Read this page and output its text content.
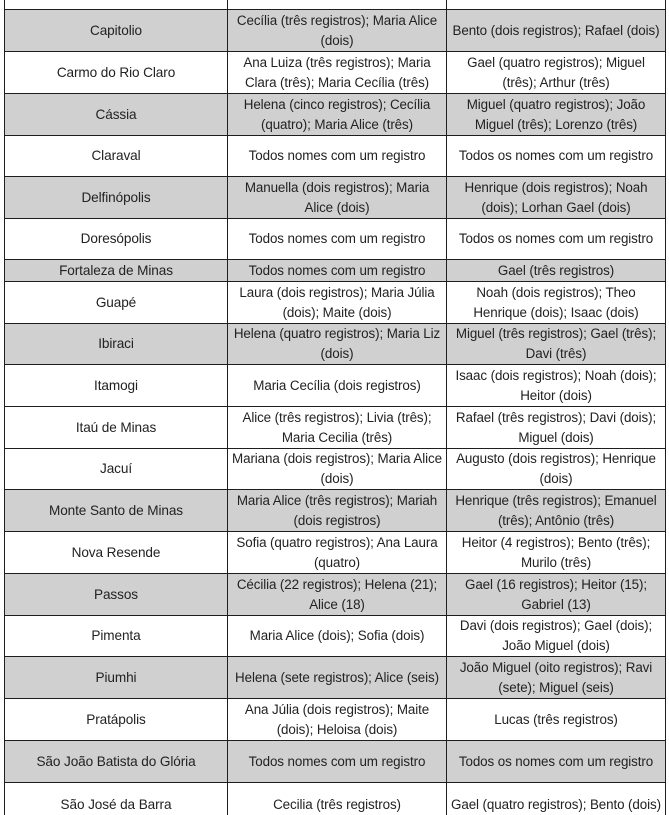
Capitolio	Cecília (três registros); Maria Alice (dois)	Bento (dois registros); Rafael (dois)
Carmo do Rio Claro	Ana Luiza (três registros); Maria Clara (três); Maria Cecília (três)	Gael (quatro registros); Miguel (três); Arthur (três)
Cássia	Helena (cinco registros); Cecília (quatro); Maria Alice (três)	Miguel (quatro registros); João Miguel (três); Lorenzo (três)
Claraval	Todos nomes com um registro	Todos os nomes com um registro
Delfinópolis	Manuella (dois registros); Maria Alice (dois)	Henrique (dois registros); Noah (dois); Lorhan Gael (dois)
Doresópolis	Todos nomes com um registro	Todos os nomes com um registro
Fortaleza de Minas	Todos nomes com um registro	Gael (três registros)
Guapé	Laura (dois registros); Maria Júlia (dois); Maite (dois)	Noah (dois registros); Theo Henrique (dois); Isaac (dois)
Ibiraci	Helena (quatro registros); Maria Liz (dois)	Miguel (três registros); Gael (três); Davi (três)
Itamogi	Maria Cecília (dois registros)	Isaac (dois registros); Noah (dois); Heitor (dois)
Itaú de Minas	Alice (três registros); Livia (três); Maria Cecilia (três)	Rafael (três registros); Davi (dois); Miguel (dois)
Jacuí	Mariana (dois registros); Maria Alice (dois)	Augusto (dois registros); Henrique (dois)
Monte Santo de Minas	Maria Alice (três registros); Mariah (dois registros)	Henrique (três registros); Emanuel (três); Antônio (três)
Nova Resende	Sofia (quatro registros); Ana Laura (quatro)	Heitor (4 registros); Bento (três); Murilo (três)
Passos	Cécilia (22 registros); Helena (21); Alice (18)	Gael (16 registros); Heitor (15); Gabriel (13)
Pimenta	Maria Alice (dois); Sofia (dois)	Davi (dois registros); Gael (dois); João Miguel (dois)
Piumhi	Helena (sete registros); Alice (seis)	João Miguel (oito registros); Ravi (sete); Miguel (seis)
Pratápolis	Ana Júlia (dois registros); Maite (dois); Heloisa (dois)	Lucas (três registros)
São João Batista do Glória	Todos nomes com um registro	Todos os nomes com um registro
São José da Barra	Cecilia (três registros)	Gael (quatro registros); Bento (dois)
